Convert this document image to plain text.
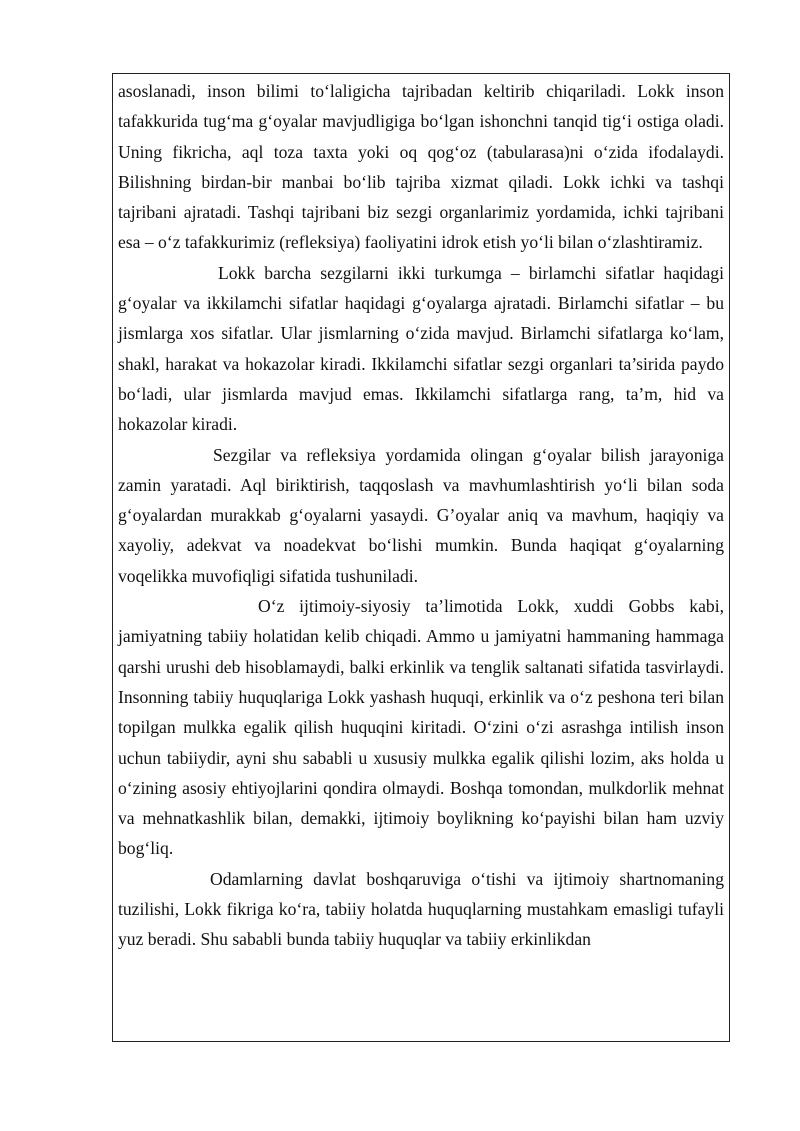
asoslanadi, inson bilimi to‘laligicha tajribadan keltirib chiqariladi. Lokk inson tafakkurida tug‘ma g‘oyalar mavjudligiga bo‘lgan ishonchni tanqid tig‘i ostiga oladi. Uning fikricha, aql toza taxta yoki oq qog‘oz (tabularasa)ni o‘zida ifodalaydi. Bilishning birdan-bir manbai bo‘lib tajriba xizmat qiladi. Lokk ichki va tashqi tajribani ajratadi. Tashqi tajribani biz sezgi organlarimiz yordamida, ichki tajribani esa – o‘z tafakkurimiz (refleksiya) faoliyatini idrok etish yo‘li bilan o‘zlashtiramiz.

Lokk barcha sezgilarni ikki turkumga – birlamchi sifatlar haqidagi g‘oyalar va ikkilamchi sifatlar haqidagi g‘oyalarga ajratadi. Birlamchi sifatlar – bu jismlarga xos sifatlar. Ular jismlarning o‘zida mavjud. Birlamchi sifatlarga ko‘lam, shakl, harakat va hokazolar kiradi. Ikkilamchi sifatlar sezgi organlari ta’sirida paydo bo‘ladi, ular jismlarda mavjud emas. Ikkilamchi sifatlarga rang, ta’m, hid va hokazolar kiradi.

Sezgilar va refleksiya yordamida olingan g‘oyalar bilish jarayoniga zamin yaratadi. Aql biriktirish, taqqoslash va mavhumlashtirish yo‘li bilan soda g‘oyalardan murakkab g‘oyalarni yasaydi. G’oyalar aniq va mavhum, haqiqiy va xayoliy, adekvat va noadekvat bo‘lishi mumkin. Bunda haqiqat g‘oyalarning voqelikka muvofiqligi sifatida tushuniladi.

O‘z ijtimoiy-siyosiy ta’limotida Lokk, xuddi Gobbs kabi, jamiyatning tabiiy holatidan kelib chiqadi. Ammo u jamiyatni hammaning hammaga qarshi urushi deb hisoblamaydi, balki erkinlik va tenglik saltanati sifatida tasvirlaydi. Insonning tabiiy huquqlariga Lokk yashash huquqi, erkinlik va o‘z peshona teri bilan topilgan mulkka egalik qilish huquqini kiritadi. O‘zini o‘zi asrashga intilish inson uchun tabiiydir, ayni shu sababli u xususiy mulkka egalik qilishi lozim, aks holda u o‘zining asosiy ehtiyojlarini qondira olmaydi. Boshqa tomondan, mulkdorlik mehnat va mehnatkashlik bilan, demakki, ijtimoiy boylikning ko‘payishi bilan ham uzviy bog‘liq.

Odamlarning davlat boshqaruviga o‘tishi va ijtimoiy shartnomaning tuzilishi, Lokk fikriga ko‘ra, tabiiy holatda huquqlarning mustahkam emasligi tufayli yuz beradi. Shu sababli bunda tabiiy huquqlar va tabiiy erkinlikdan
